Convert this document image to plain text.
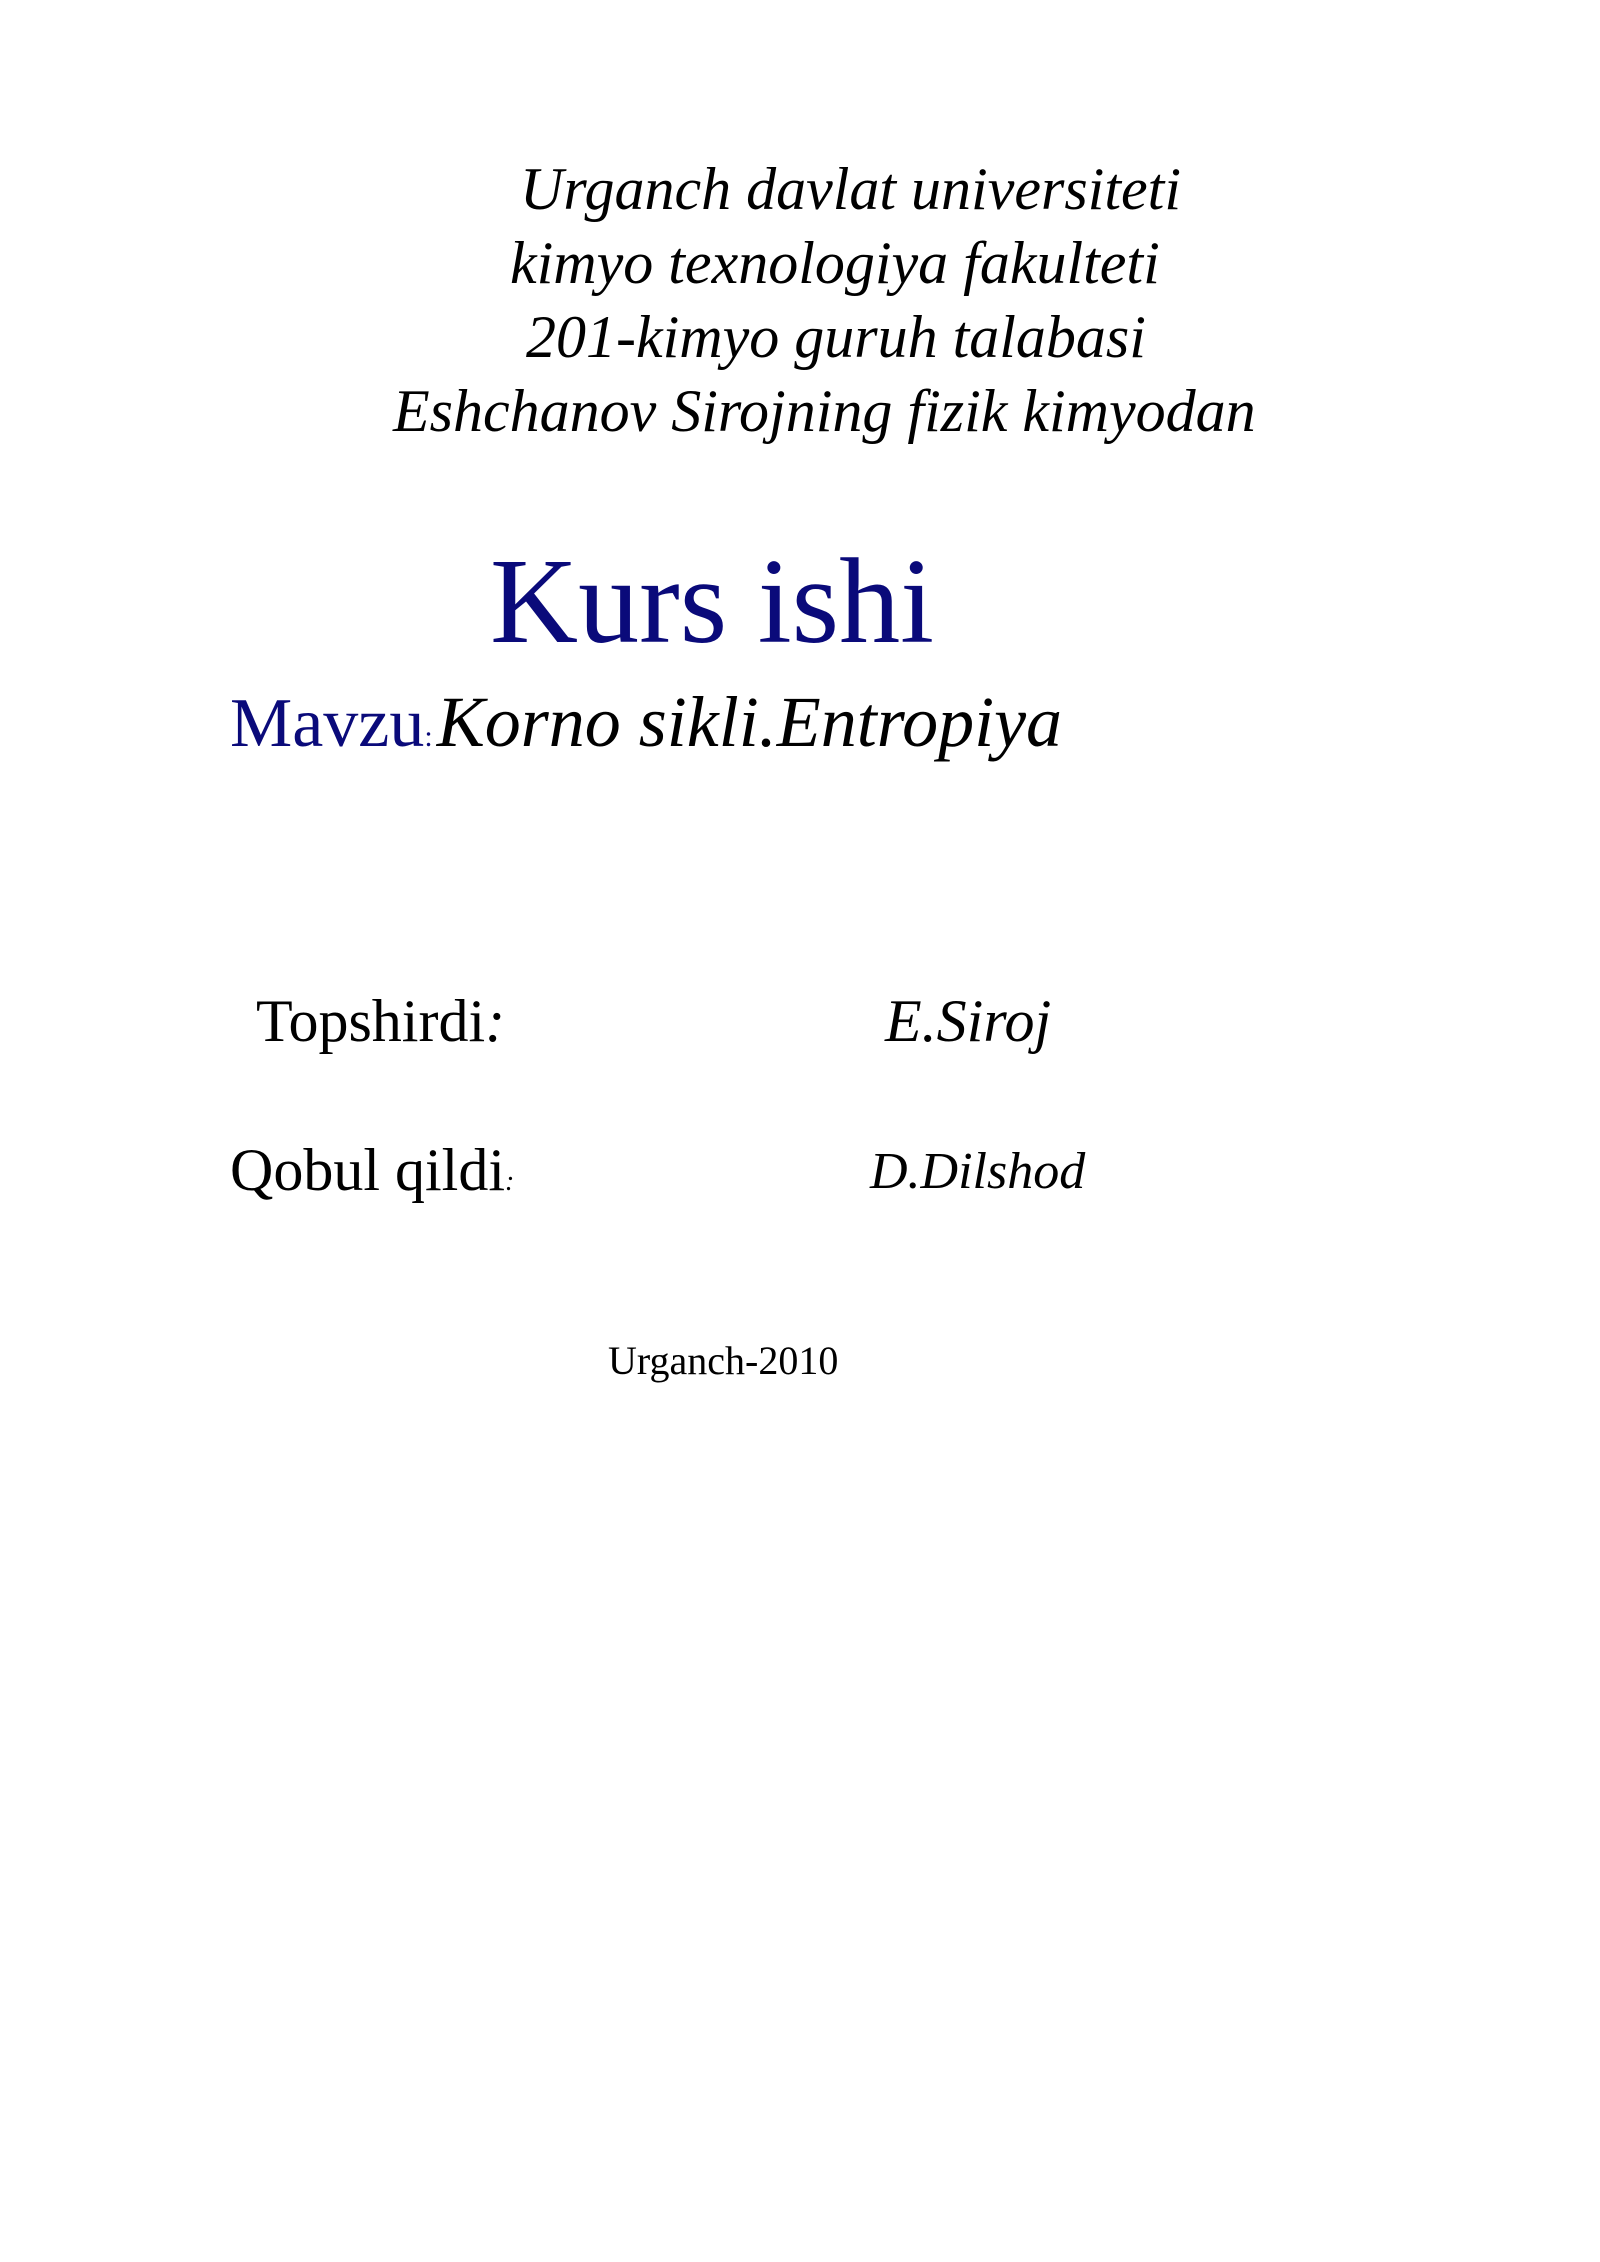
Urganch davlat universiteti
kimyo texnologiya fakulteti
201-kimyo guruh talabasi
Eshchanov Sirojning fizik kimyodan
Kurs ishi
Mavzu:Korno sikli.Entropiya
Topshirdi:	E.Siroj
Qobul qildi:	D.Dilshod
Urganch-2010
